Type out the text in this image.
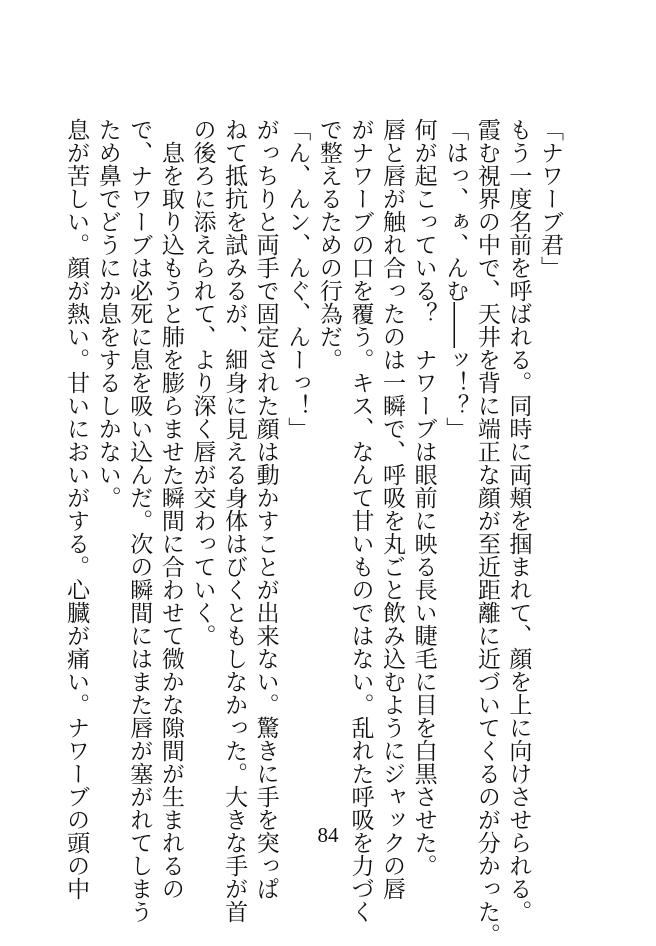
「ナワーブ君」
もう一度名前を呼ばれる。同時に両頬を掴まれて、顔を上に向けさせられる。
霞む視界の中で、天井を背に端正な顔が至近距離に近づいてくるのが分かった。
「はっ、ぁ、んむ――ッ！？」
何が起こっている？　ナワーブは眼前に映る長い睫毛に目を白黒させた。
唇と唇が触れ合ったのは一瞬で、呼吸を丸ごと飲み込むようにジャックの唇
がナワーブの口を覆う。キス、なんて甘いものではない。乱れた呼吸を力づく
で整えるための行為だ。
「ん、んン、んぐ、んーっ！」
がっちりと両手で固定された顔は動かすことが出来ない。驚きに手を突っぱ
ねて抵抗を試みるが、細身に見える身体はびくともしなかった。大きな手が首
の後ろに添えられて、より深く唇が交わっていく。
　息を取り込もうと肺を膨らませた瞬間に合わせて微かな隙間が生まれるの
で、ナワーブは必死に息を吸い込んだ。次の瞬間にはまた唇が塞がれてしまう
ため鼻でどうにか息をするしかない。
息が苦しい。顔が熱い。甘いにおいがする。心臓が痛い。ナワーブの頭の中	84
